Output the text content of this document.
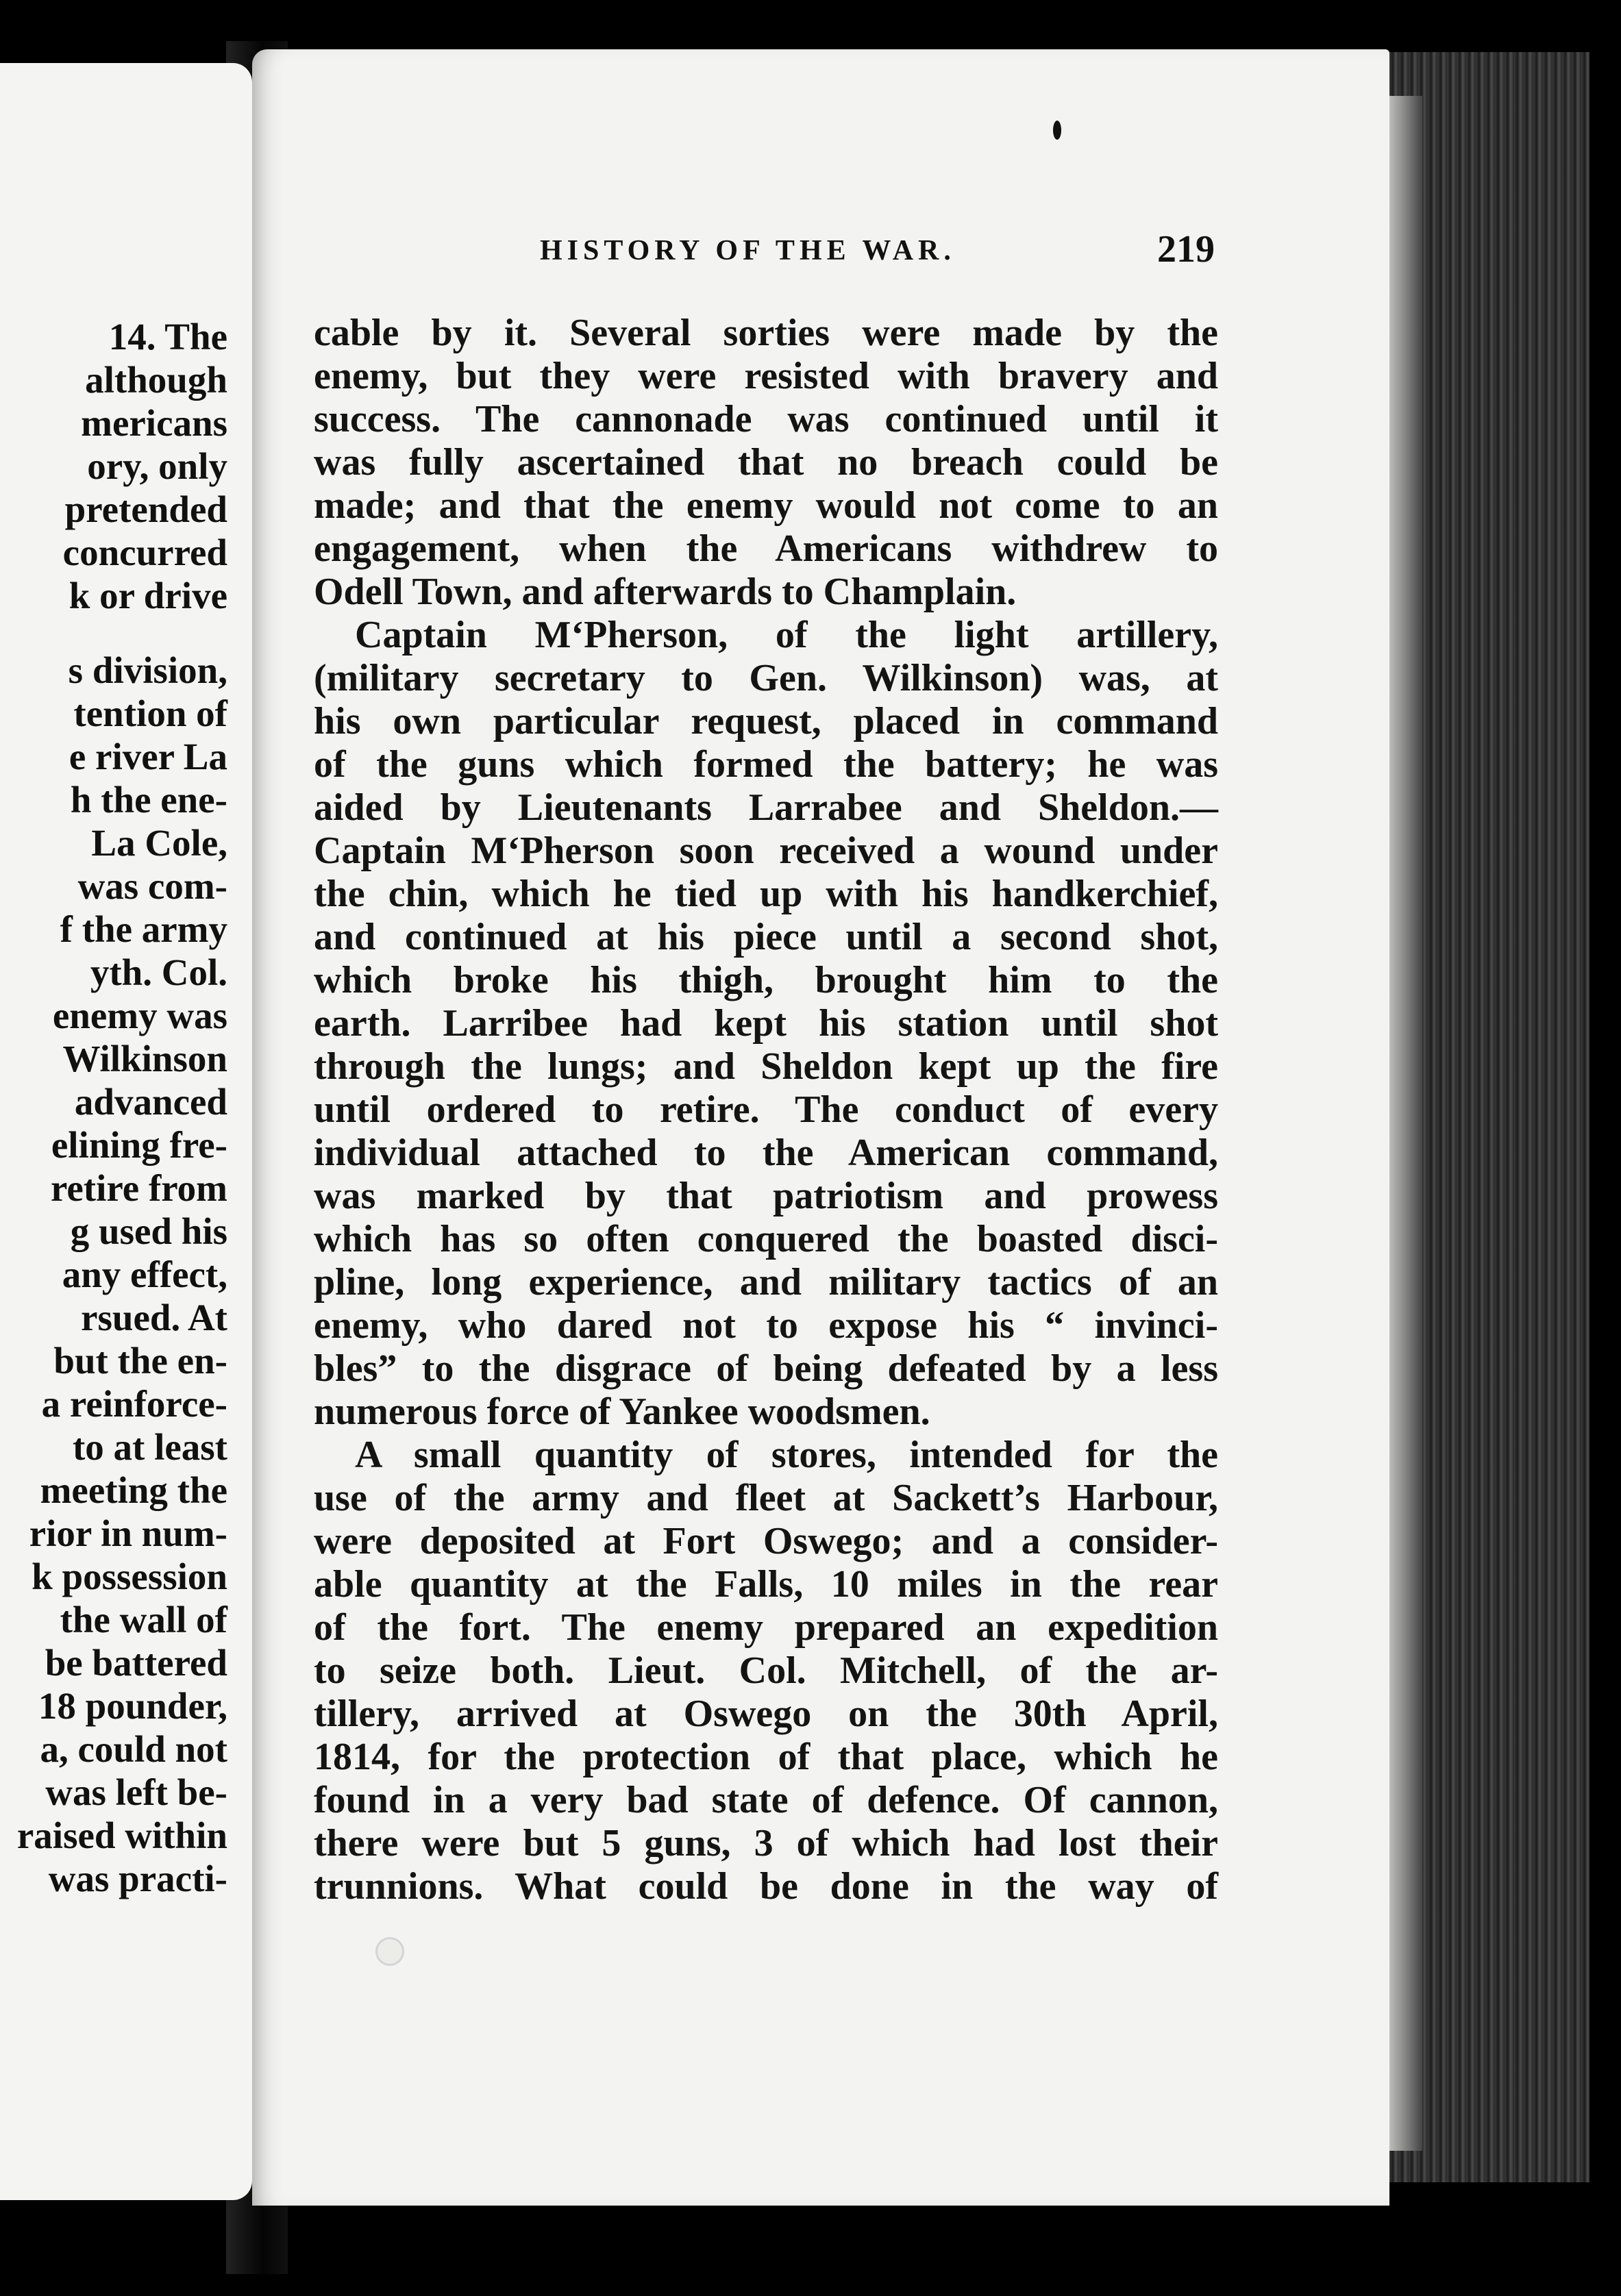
14. The
although
mericans
ory, only
pretended
concurred
k or drive
s division,
tention of
e river La
h the ene-
La Cole,
was com-
f the army
yth. Col.
enemy was
Wilkinson
advanced
elining fre-
retire from
g used his
any effect,
rsued. At
but the en-
a reinforce-
to at least
meeting the
rior in num-
k possession
the wall of
be battered
18 pounder,
a, could not
was left be-
raised within
was practi-
HISTORY OF THE WAR.	219
cable by it. Several sorties were made by the
enemy, but they were resisted with bravery and
success. The cannonade was continued until it
was fully ascertained that no breach could be
made; and that the enemy would not come to an
engagement, when the Americans withdrew to
Odell Town, and afterwards to Champlain.
Captain M‘Pherson, of the light artillery,
(military secretary to Gen. Wilkinson) was, at
his own particular request, placed in command
of the guns which formed the battery; he was
aided by Lieutenants Larrabee and Sheldon.—
Captain M‘Pherson soon received a wound under
the chin, which he tied up with his handkerchief,
and continued at his piece until a second shot,
which broke his thigh, brought him to the
earth. Larribee had kept his station until shot
through the lungs; and Sheldon kept up the fire
until ordered to retire. The conduct of every
individual attached to the American command,
was marked by that patriotism and prowess
which has so often conquered the boasted disci-
pline, long experience, and military tactics of an
enemy, who dared not to expose his “ invinci-
bles” to the disgrace of being defeated by a less
numerous force of Yankee woodsmen.
A small quantity of stores, intended for the
use of the army and fleet at Sackett’s Harbour,
were deposited at Fort Oswego; and a consider-
able quantity at the Falls, 10 miles in the rear
of the fort. The enemy prepared an expedition
to seize both. Lieut. Col. Mitchell, of the ar-
tillery, arrived at Oswego on the 30th April,
1814, for the protection of that place, which he
found in a very bad state of defence. Of cannon,
there were but 5 guns, 3 of which had lost their
trunnions. What could be done in the way of
